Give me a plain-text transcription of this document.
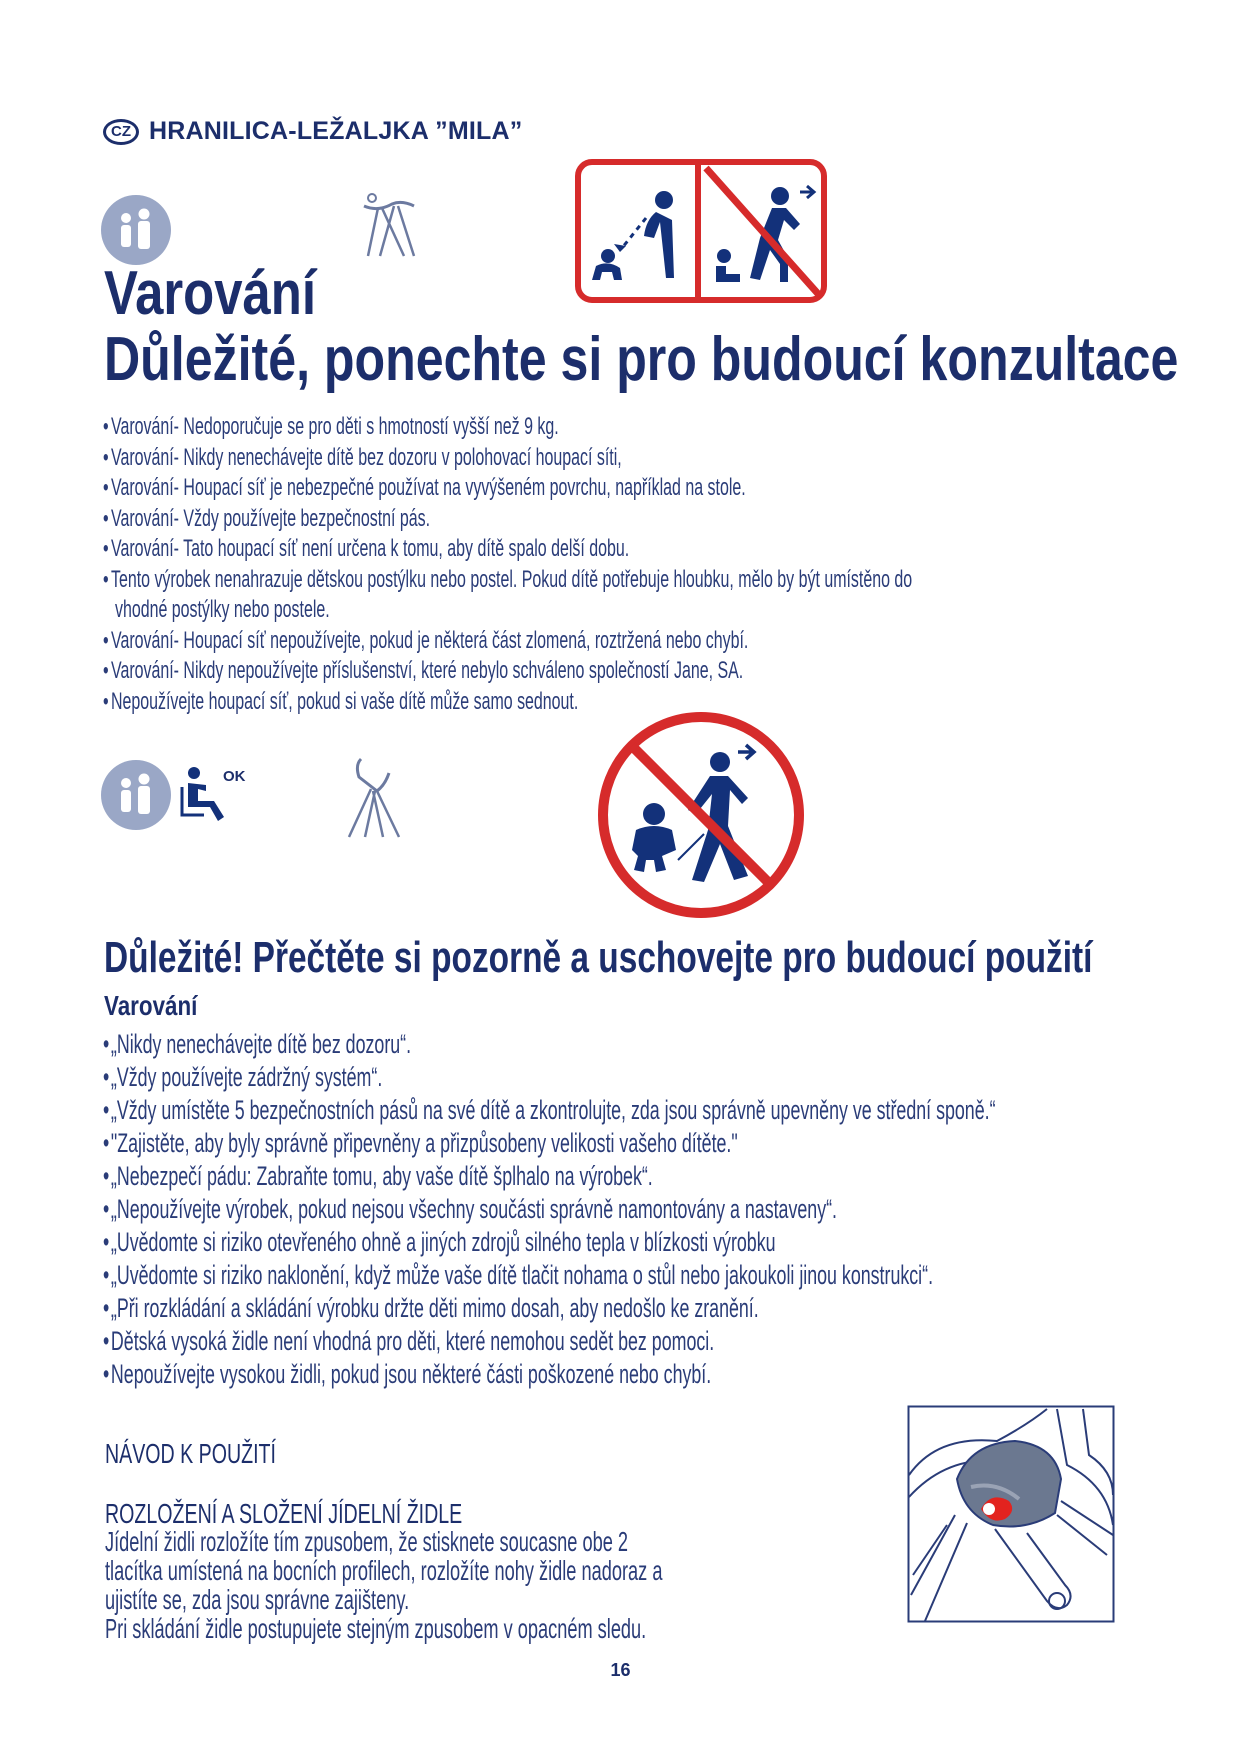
CZ HRANILICA-LEŽALJKA ”MILA”
Varování
Důležité, ponechte si pro budoucí konzultace
• Varování- Nedoporučuje se pro děti s hmotností vyšší než 9 kg.
• Varování- Nikdy nenechávejte dítě bez dozoru v polohovací houpací síti,
• Varování- Houpací síť je nebezpečné používat na vyvýšeném povrchu, například na stole.
• Varování- Vždy používejte bezpečnostní pás.
• Varování- Tato houpací síť není určena k tomu, aby dítě spalo delší dobu.
• Tento výrobek nenahrazuje dětskou postýlku nebo postel. Pokud dítě potřebuje hloubku, mělo by být umístěno do
vhodné postýlky nebo postele.
• Varování- Houpací síť nepoužívejte, pokud je některá část zlomená, roztržená nebo chybí.
• Varování- Nikdy nepoužívejte příslušenství, které nebylo schváleno společností Jane, SA.
• Nepoužívejte houpací síť, pokud si vaše dítě může samo sednout.
OK
Důležité! Přečtěte si pozorně a uschovejte pro budoucí použití
Varování
• „Nikdy nenechávejte dítě bez dozoru“.
• „Vždy používejte zádržný systém“.
• „Vždy umístěte 5 bezpečnostních pásů na své dítě a zkontrolujte, zda jsou správně upevněny ve střední sponě.“
• "Zajistěte, aby byly správně připevněny a přizpůsobeny velikosti vašeho dítěte."
• „Nebezpečí pádu: Zabraňte tomu, aby vaše dítě šplhalo na výrobek“.
• „Nepoužívejte výrobek, pokud nejsou všechny součásti správně namontovány a nastaveny“.
• „Uvědomte si riziko otevřeného ohně a jiných zdrojů silného tepla v blízkosti výrobku
• „Uvědomte si riziko naklonění, když může vaše dítě tlačit nohama o stůl nebo jakoukoli jinou konstrukci“.
• „Při rozkládání a skládání výrobku držte děti mimo dosah, aby nedošlo ke zranění.
• Dětská vysoká židle není vhodná pro děti, které nemohou sedět bez pomoci.
• Nepoužívejte vysokou židli, pokud jsou některé části poškozené nebo chybí.
NÁVOD K POUŽITÍ
ROZLOŽENÍ A SLOŽENÍ JÍDELNÍ ŽIDLE
Jídelní židli rozložíte tím zpusobem, že stisknete soucasne obe 2
tlacítka umístená na bocních profilech, rozložíte nohy židle nadoraz a
ujistíte se, zda jsou správne zajišteny.
Pri skládání židle postupujete stejným zpusobem v opacném sledu.
16
